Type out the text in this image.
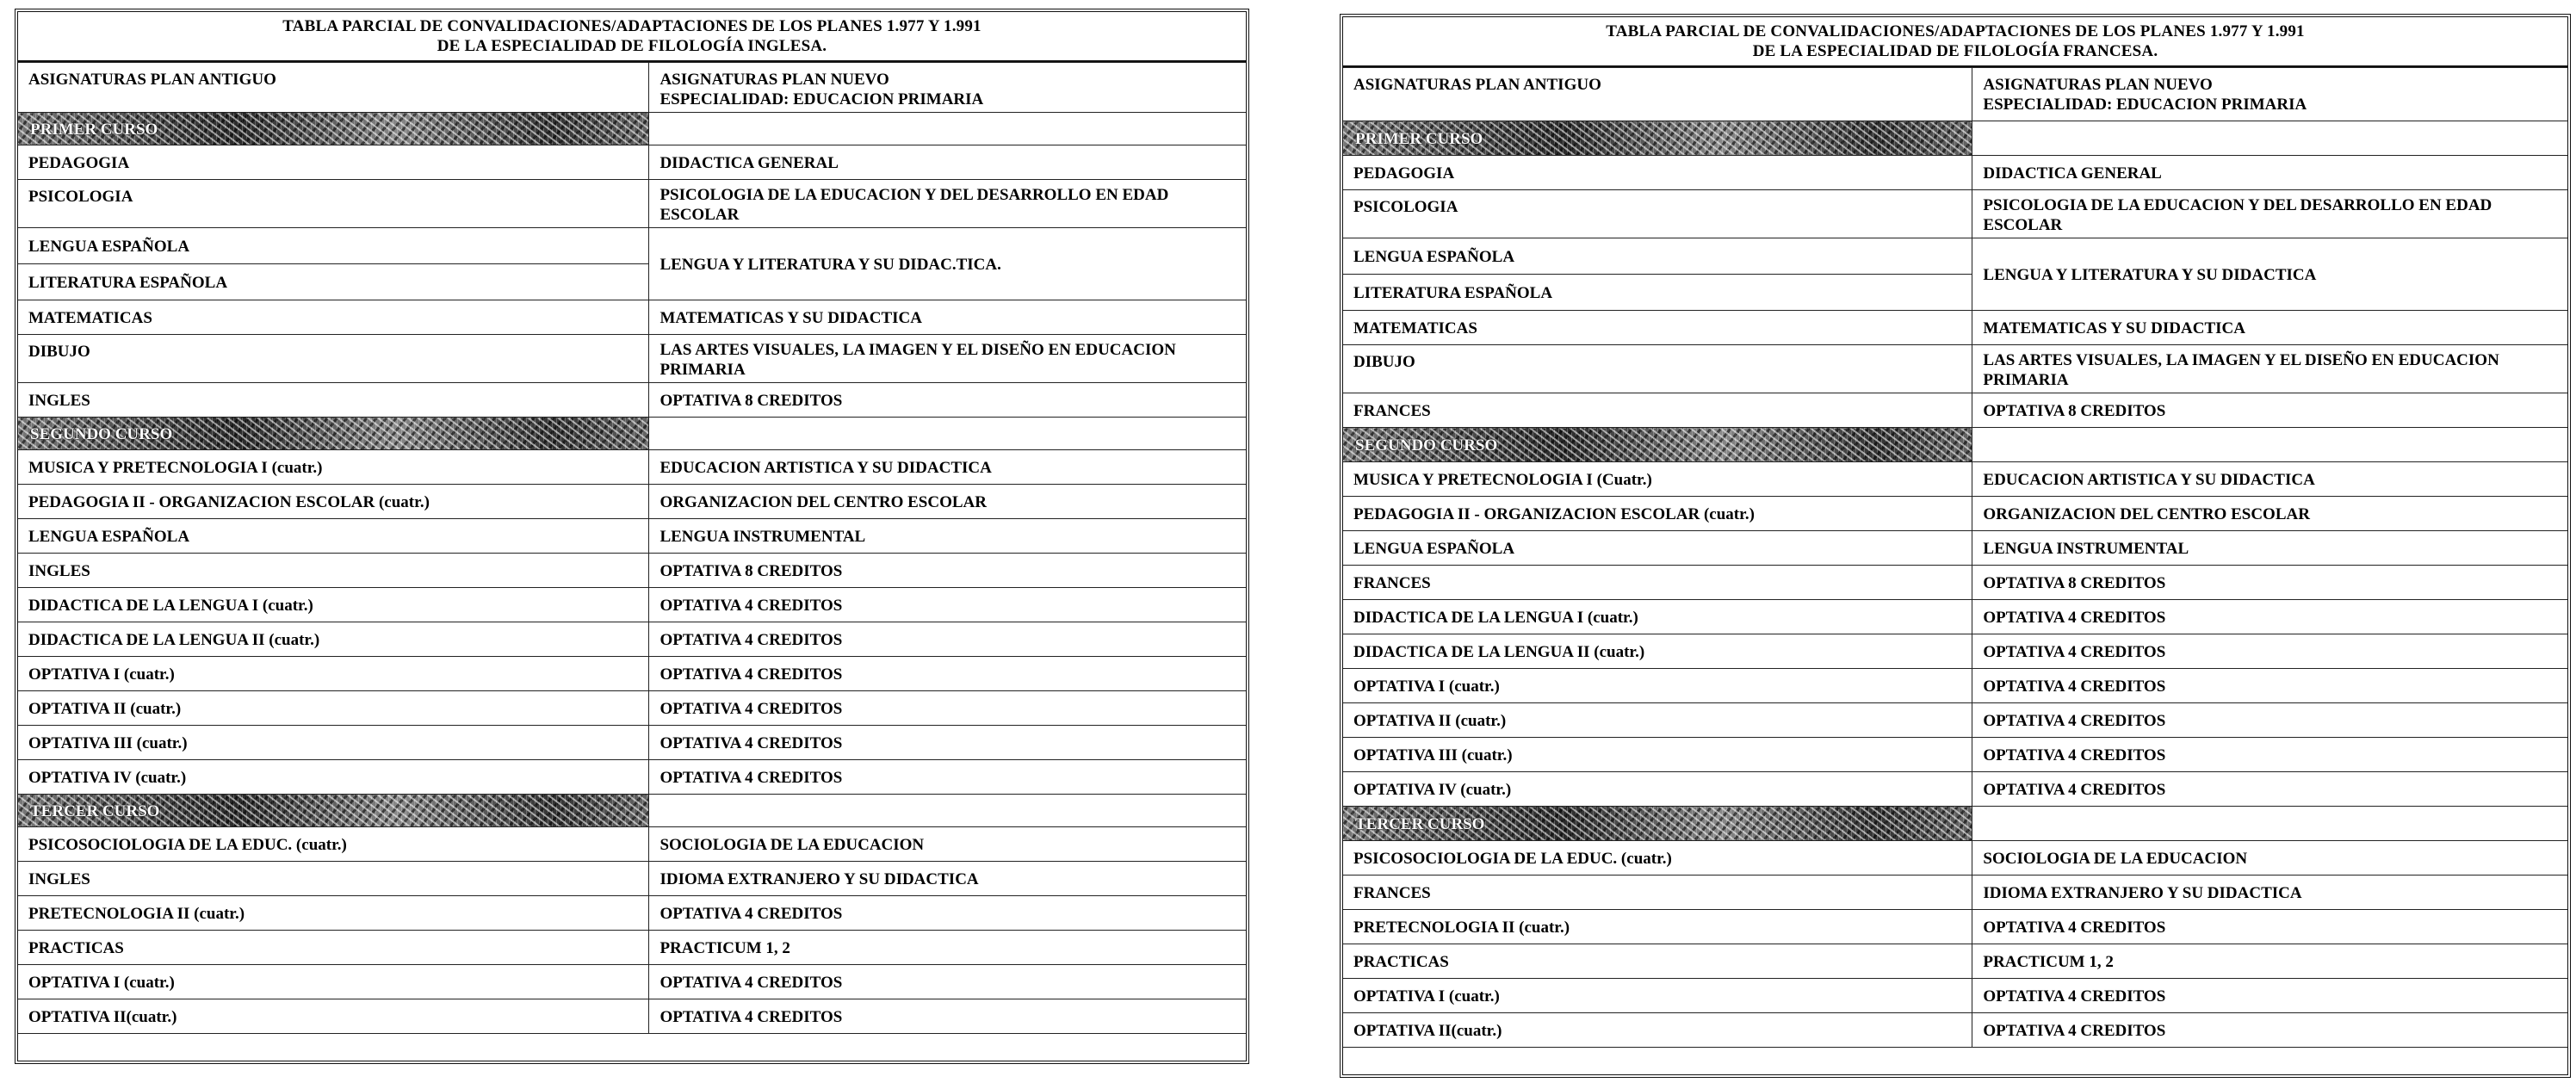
TABLA PARCIAL DE CONVALIDACIONES/ADAPTACIONES DE LOS PLANES 1.977 Y 1.991
DE LA ESPECIALIDAD DE FILOLOGÍA INGLESA.
ASIGNATURAS PLAN ANTIGUO	ASIGNATURAS PLAN NUEVO
ESPECIALIDAD: EDUCACION PRIMARIA

PRIMER CURSO	
PEDAGOGIA	DIDACTICA GENERAL
PSICOLOGIA	PSICOLOGIA DE LA EDUCACION Y DEL DESARROLLO EN EDAD ESCOLAR
LENGUA ESPAÑOLA	LENGUA Y LITERATURA Y SU DIDAC.TICA.
LITERATURA ESPAÑOLA	
MATEMATICAS	MATEMATICAS Y SU DIDACTICA
DIBUJO	LAS ARTES VISUALES, LA IMAGEN Y EL DISEÑO EN EDUCACION PRIMARIA
INGLES	OPTATIVA 8 CREDITOS
SEGUNDO CURSO	
MUSICA Y PRETECNOLOGIA I (cuatr.)	EDUCACION ARTISTICA Y SU DIDACTICA
PEDAGOGIA II - ORGANIZACION ESCOLAR (cuatr.)	ORGANIZACION DEL CENTRO ESCOLAR
LENGUA ESPAÑOLA	LENGUA INSTRUMENTAL
INGLES	OPTATIVA 8 CREDITOS
DIDACTICA DE LA LENGUA I (cuatr.)	OPTATIVA 4 CREDITOS
DIDACTICA DE LA LENGUA II (cuatr.)	OPTATIVA 4 CREDITOS
OPTATIVA I (cuatr.)	OPTATIVA 4 CREDITOS
OPTATIVA II (cuatr.)	OPTATIVA 4 CREDITOS
OPTATIVA III (cuatr.)	OPTATIVA 4 CREDITOS
OPTATIVA IV (cuatr.)	OPTATIVA 4 CREDITOS
TERCER CURSO	
PSICOSOCIOLOGIA DE LA EDUC. (cuatr.)	SOCIOLOGIA DE LA EDUCACION
INGLES	IDIOMA EXTRANJERO Y SU DIDACTICA
PRETECNOLOGIA II (cuatr.)	OPTATIVA 4 CREDITOS
PRACTICAS	PRACTICUM 1, 2
OPTATIVA I (cuatr.)	OPTATIVA 4 CREDITOS
OPTATIVA II(cuatr.)	OPTATIVA 4 CREDITOS
TABLA PARCIAL DE CONVALIDACIONES/ADAPTACIONES DE LOS PLANES 1.977 Y 1.991
DE LA ESPECIALIDAD DE FILOLOGÍA FRANCESA.
ASIGNATURAS PLAN ANTIGUO	ASIGNATURAS PLAN NUEVO
ESPECIALIDAD: EDUCACION PRIMARIA

PRIMER CURSO	
PEDAGOGIA	DIDACTICA GENERAL
PSICOLOGIA	PSICOLOGIA DE LA EDUCACION Y DEL DESARROLLO EN EDAD ESCOLAR
LENGUA ESPAÑOLA	LENGUA Y LITERATURA Y SU DIDACTICA
LITERATURA ESPAÑOLA	
MATEMATICAS	MATEMATICAS Y SU DIDACTICA
DIBUJO	LAS ARTES VISUALES, LA IMAGEN Y EL DISEÑO EN EDUCACION PRIMARIA
FRANCES	OPTATIVA 8 CREDITOS
SEGUNDO CURSO	
MUSICA Y PRETECNOLOGIA I (Cuatr.)	EDUCACION ARTISTICA Y SU DIDACTICA
PEDAGOGIA II - ORGANIZACION ESCOLAR (cuatr.)	ORGANIZACION DEL CENTRO ESCOLAR
LENGUA ESPAÑOLA	LENGUA INSTRUMENTAL
FRANCES	OPTATIVA 8 CREDITOS
DIDACTICA DE LA LENGUA I (cuatr.)	OPTATIVA 4 CREDITOS
DIDACTICA DE LA LENGUA II (cuatr.)	OPTATIVA 4 CREDITOS
OPTATIVA I (cuatr.)	OPTATIVA 4 CREDITOS
OPTATIVA II (cuatr.)	OPTATIVA 4 CREDITOS
OPTATIVA III (cuatr.)	OPTATIVA 4 CREDITOS
OPTATIVA IV (cuatr.)	OPTATIVA 4 CREDITOS
TERCER CURSO	
PSICOSOCIOLOGIA DE LA EDUC. (cuatr.)	SOCIOLOGIA DE LA EDUCACION
FRANCES	IDIOMA EXTRANJERO Y SU DIDACTICA
PRETECNOLOGIA II (cuatr.)	OPTATIVA 4 CREDITOS
PRACTICAS	PRACTICUM 1, 2
OPTATIVA I (cuatr.)	OPTATIVA 4 CREDITOS
OPTATIVA II(cuatr.)	OPTATIVA 4 CREDITOS
